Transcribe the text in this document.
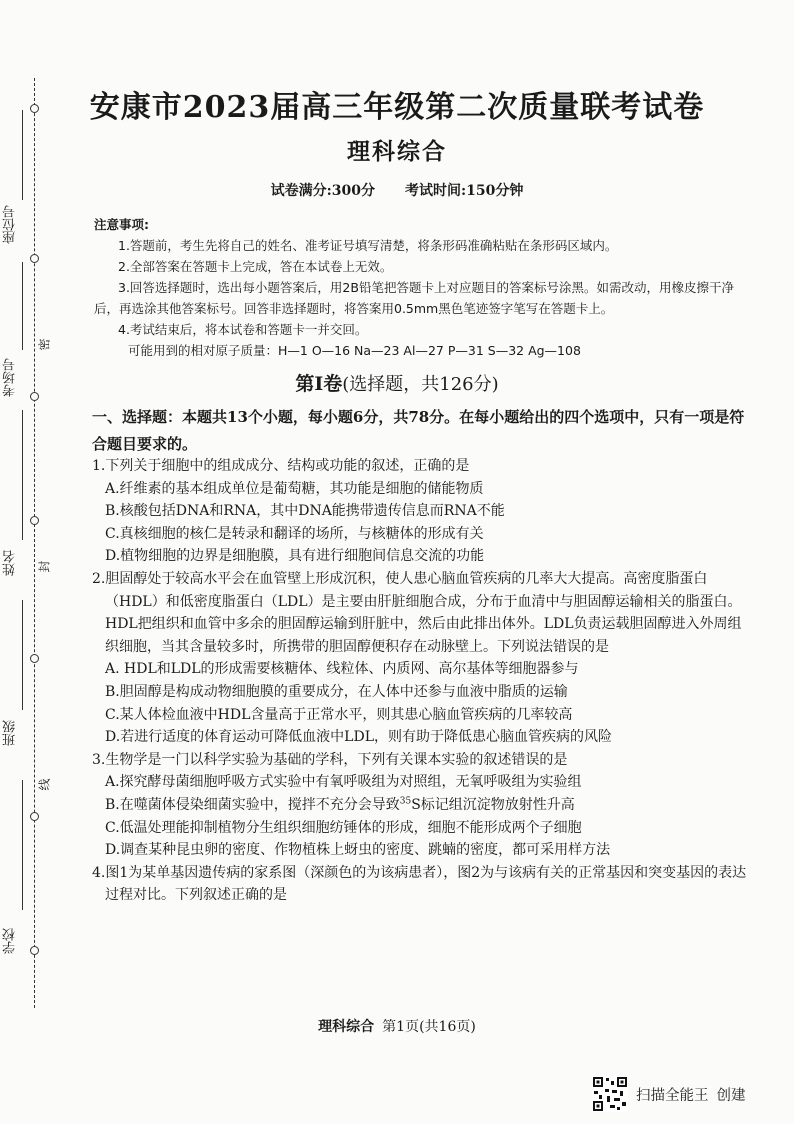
座位号
考场号
姓名
班级
学校
密
封
线
安康市2023届高三年级第二次质量联考试卷
理科综合
试卷满分:300分 考试时间:150分钟

注意事项:

1.答题前，考生先将自己的姓名、准考证号填写清楚，将条形码准确粘贴在条形码区域内。

2.全部答案在答题卡上完成，答在本试卷上无效。

3.回答选择题时，选出每小题答案后，用2B铅笔把答题卡上对应题目的答案标号涂黑。如需改动，用橡皮擦干净后，再选涂其他答案标号。回答非选择题时，将答案用0.5mm黑色笔迹签字笔写在答题卡上。

4.考试结束后，将本试卷和答题卡一并交回。

可能用到的相对原子质量：H—1 O—16 Na—23 Al—27 P—31 S—32 Ag—108

第Ⅰ卷(选择题，共126分)
一、选择题：本题共13个小题，每小题6分，共78分。在每小题给出的四个选项中，只有一项是符合题目要求的。
1.下列关于细胞中的组成成分、结构或功能的叙述，正确的是
A.纤维素的基本组成单位是葡萄糖，其功能是细胞的储能物质
B.核酸包括DNA和RNA，其中DNA能携带遗传信息而RNA不能
C.真核细胞的核仁是转录和翻译的场所，与核糖体的形成有关
D.植物细胞的边界是细胞膜，具有进行细胞间信息交流的功能
2.胆固醇处于较高水平会在血管壁上形成沉积，使人患心脑血管疾病的几率大大提高。高密度脂蛋白（HDL）和低密度脂蛋白（LDL）是主要由肝脏细胞合成，分布于血清中与胆固醇运输相关的脂蛋白。HDL把组织和血管中多余的胆固醇运输到肝脏中，然后由此排出体外。LDL负责运载胆固醇进入外周组织细胞，当其含量较多时，所携带的胆固醇便积存在动脉壁上。下列说法错误的是
A. HDL和LDL的形成需要核糖体、线粒体、内质网、高尔基体等细胞器参与
B.胆固醇是构成动物细胞膜的重要成分，在人体中还参与血液中脂质的运输
C.某人体检血液中HDL含量高于正常水平，则其患心脑血管疾病的几率较高
D.若进行适度的体育运动可降低血液中LDL，则有助于降低患心脑血管疾病的风险
3.生物学是一门以科学实验为基础的学科，下列有关课本实验的叙述错误的是
A.探究酵母菌细胞呼吸方式实验中有氧呼吸组为对照组，无氧呼吸组为实验组
B.在噬菌体侵染细菌实验中，搅拌不充分会导致$^{35}$S标记组沉淀物放射性升高
C.低温处理能抑制植物分生组织细胞纺锤体的形成，细胞不能形成两个子细胞
D.调查某种昆虫卵的密度、作物植株上蚜虫的密度、跳蝻的密度，都可采用样方法
4.图1为某单基因遗传病的家系图（深颜色的为该病患者），图2为与该病有关的正常基因和突变基因的表达过程对比。下列叙述正确的是
理科综合 第1页(共16页)
扫描全能王 创建
